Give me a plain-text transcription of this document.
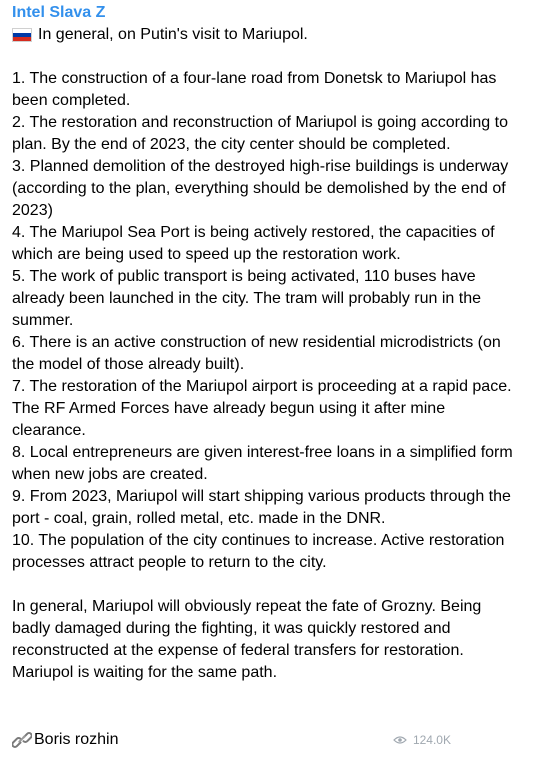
Intel Slava Z
In general, on Putin's visit to Mariupol.

1. The construction of a four-lane road from Donetsk to Mariupol has been completed.

2. The restoration and reconstruction of Mariupol is going according to plan. By the end of 2023, the city center should be completed.

3. Planned demolition of the destroyed high-rise buildings is underway (according to the plan, everything should be demolished by the end of 2023)

4. The Mariupol Sea Port is being actively restored, the capacities of which are being used to speed up the restoration work.

5. The work of public transport is being activated, 110 buses have already been launched in the city. The tram will probably run in the summer.

6. There is an active construction of new residential microdistricts (on the model of those already built).

7. The restoration of the Mariupol airport is proceeding at a rapid pace. The RF Armed Forces have already begun using it after mine clearance.

8. Local entrepreneurs are given interest-free loans in a simplified form when new jobs are created.

9. From 2023, Mariupol will start shipping various products through the port - coal, grain, rolled metal, etc. made in the DNR.

10. The population of the city continues to increase. Active restoration processes attract people to return to the city.

In general, Mariupol will obviously repeat the fate of Grozny. Being badly damaged during the fighting, it was quickly restored and reconstructed at the expense of federal transfers for restoration. Mariupol is waiting for the same path.

Boris rozhin	124.0K
